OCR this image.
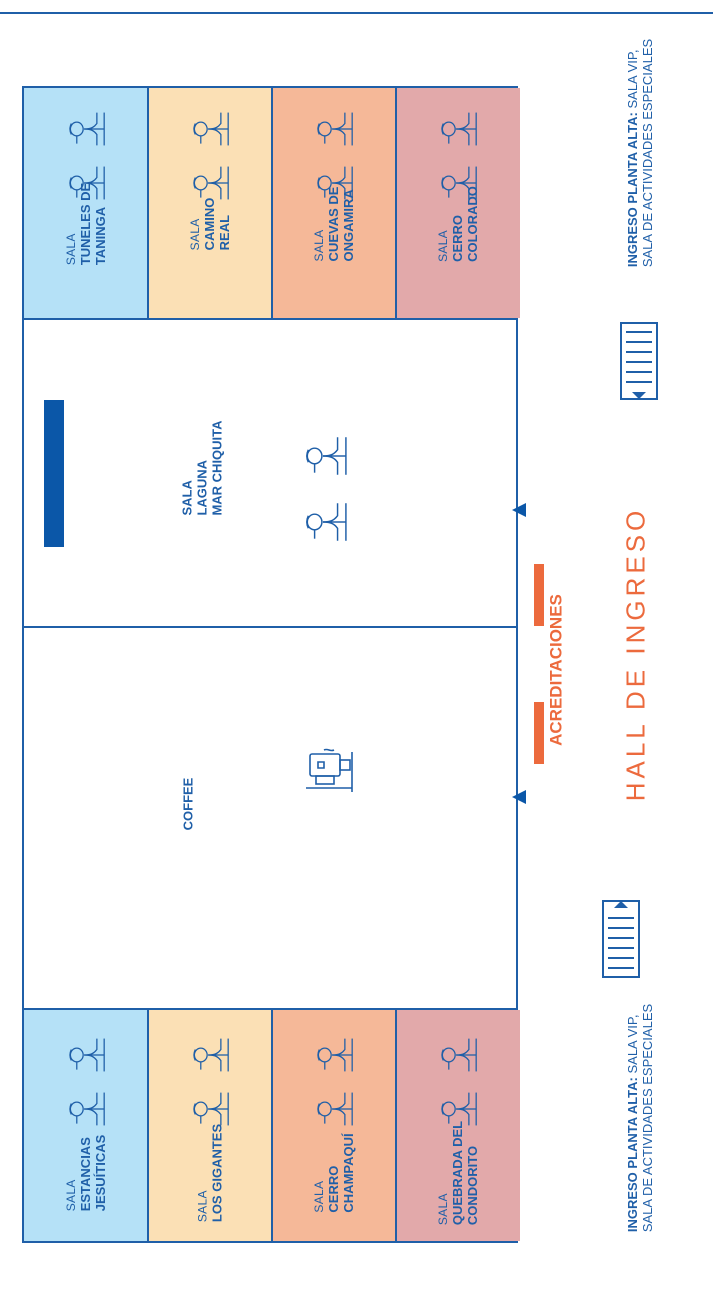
SALA TUNELES DE TANINGA	SALA CAMINO REAL	SALA CUEVAS DE ONGAMIRA	SALA CERRO COLORADO
SALA ESTANCIAS JESUÍTICAS	SALA LOS GIGANTES	SALA CERRO CHAMPAQUÍ	SALA QUEBRADA DEL CONDORITO
SALA LAGUNA MAR CHIQUITA
COFFEE
ACREDITACIONES HALL DE INGRESO
INGRESO PLANTA ALTA: SALA VIP, SALA DE ACTIVIDADES ESPECIALES
INGRESO PLANTA ALTA: SALA VIP, SALA DE ACTIVIDADES ESPECIALES
